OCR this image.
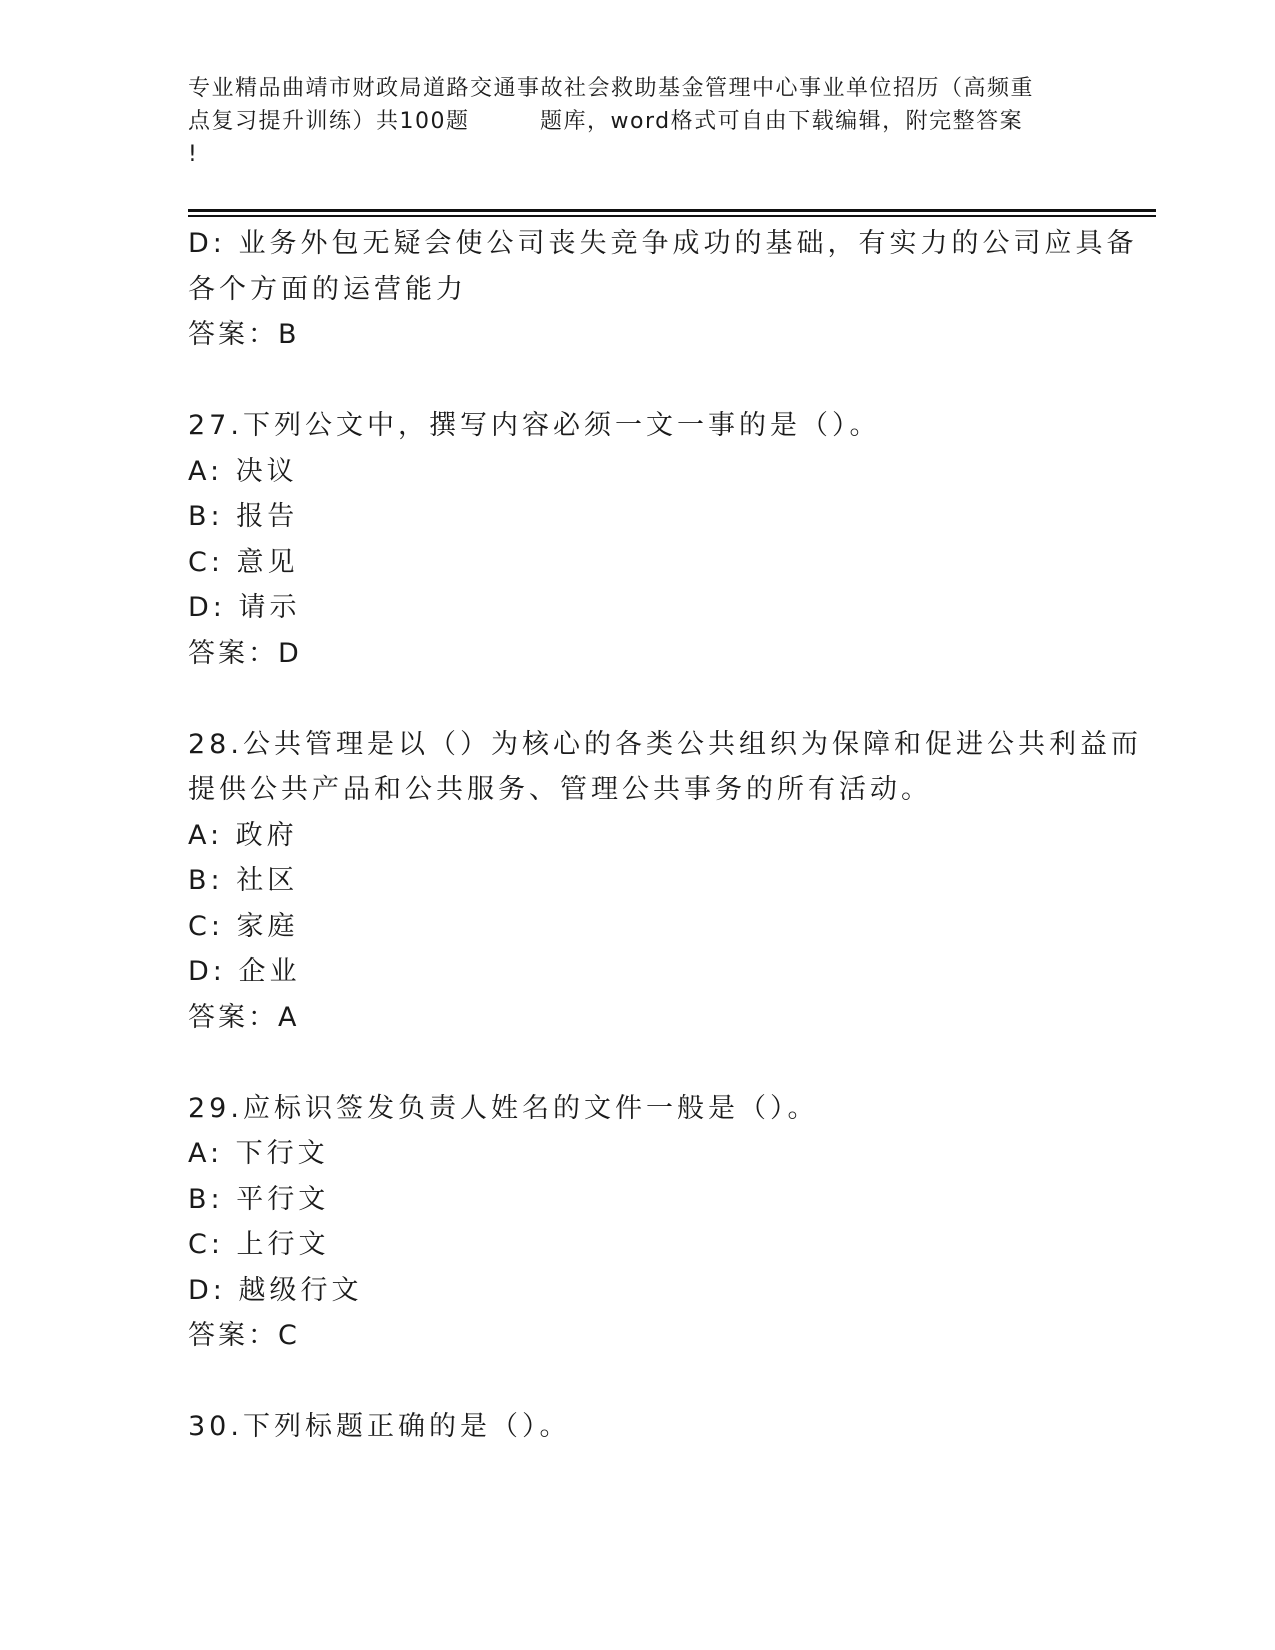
专业精品曲靖市财政局道路交通事故社会救助基金管理中心事业单位招历（高频重
点复习提升训练）共100题　　　题库，word格式可自由下载编辑，附完整答案
!
D: 业务外包无疑会使公司丧失竞争成功的基础，有实力的公司应具备
各个方面的运营能力
答案：B
27.下列公文中，撰写内容必须一文一事的是（）。
A: 决议
B: 报告
C: 意见
D: 请示
答案：D
28.公共管理是以（）为核心的各类公共组织为保障和促进公共利益而
提供公共产品和公共服务、管理公共事务的所有活动。
A: 政府
B: 社区
C: 家庭
D: 企业
答案：A
29.应标识签发负责人姓名的文件一般是（）。
A: 下行文
B: 平行文
C: 上行文
D: 越级行文
答案：C
30.下列标题正确的是（）。
